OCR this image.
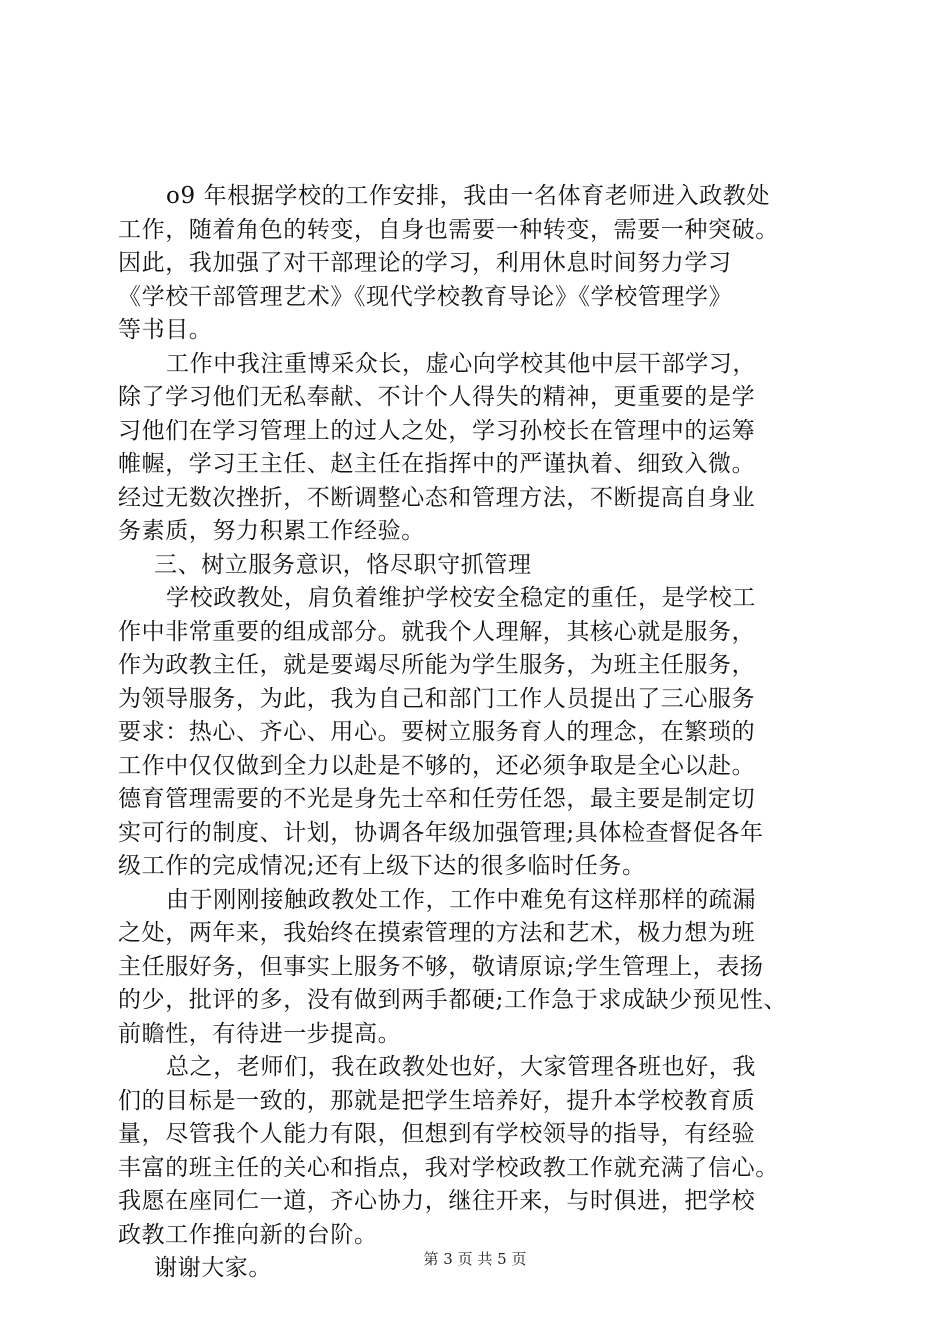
o9 年根据学校的工作安排，我由一名体育老师进入政教处
工作，随着角色的转变，自身也需要一种转变，需要一种突破。
因此，我加强了对干部理论的学习，利用休息时间努力学习
《学校干部管理艺术》《现代学校教育导论》《学校管理学》
等书目。
工作中我注重博采众长，虚心向学校其他中层干部学习，
除了学习他们无私奉献、不计个人得失的精神，更重要的是学
习他们在学习管理上的过人之处，学习孙校长在管理中的运筹
帷幄，学习王主任、赵主任在指挥中的严谨执着、细致入微。
经过无数次挫折，不断调整心态和管理方法，不断提高自身业
务素质，努力积累工作经验。
三、树立服务意识，恪尽职守抓管理
学校政教处，肩负着维护学校安全稳定的重任，是学校工
作中非常重要的组成部分。就我个人理解，其核心就是服务，
作为政教主任，就是要竭尽所能为学生服务，为班主任服务，
为领导服务，为此，我为自己和部门工作人员提出了三心服务
要求：热心、齐心、用心。要树立服务育人的理念，在繁琐的
工作中仅仅做到全力以赴是不够的，还必须争取是全心以赴。
德育管理需要的不光是身先士卒和任劳任怨，最主要是制定切
实可行的制度、计划，协调各年级加强管理;具体检查督促各年
级工作的完成情况;还有上级下达的很多临时任务。
由于刚刚接触政教处工作，工作中难免有这样那样的疏漏
之处，两年来，我始终在摸索管理的方法和艺术，极力想为班
主任服好务，但事实上服务不够，敬请原谅;学生管理上，表扬
的少，批评的多，没有做到两手都硬;工作急于求成缺少预见性、
前瞻性，有待进一步提高。
总之，老师们，我在政教处也好，大家管理各班也好，我
们的目标是一致的，那就是把学生培养好，提升本学校教育质
量，尽管我个人能力有限，但想到有学校领导的指导，有经验
丰富的班主任的关心和指点，我对学校政教工作就充满了信心。
我愿在座同仁一道，齐心协力，继往开来，与时俱进，把学校
政教工作推向新的台阶。
谢谢大家。	第 3 页 共 5 页
